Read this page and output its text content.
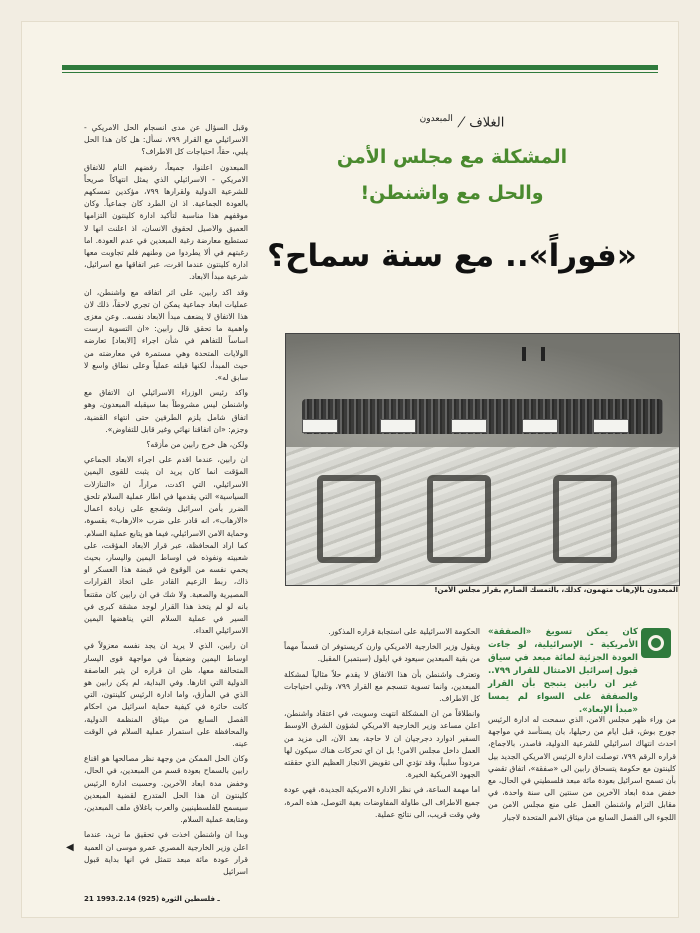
الغلاف/$^{المبعدون}$
المشكلة مع مجلس الأمن
والحل مع واشنطن!
«فوراً».. مع سنة سماح؟

وقبل السؤال عن مدى انسجام الحل الامريكي - الاسرائيلي مع القرار ٧٩٩، نسأل: هل كان هذا الحل يلبي، حقاً، احتياجات كل الاطراف؟

المبعدون اعلنوا، جميعاً، رفضهم التام للاتفاق الامريكي - الاسرائيلي الذي يمثل انتهاكاً صريحاً للشرعية الدولية ولقرارها ٧٩٩، مؤكدين تمسكهم بالعودة الجماعية. اذ ان الطرد كان جماعياً. وكان موقفهم هذا مناسبة لتأكيد ادارة كلينتون التزامها العميق والاصيل لحقوق الانسان، اذ اعلنت انها لا تستطيع معارضة رغبة المبعدين في عدم العودة. اما رغبتهم في ألا يطردوا من وطنهم فلم تجاوبت معها ادارة كلينتون عندما اقرت، عبر اتفاقها مع اسرائيل، شرعية مبدأ الابعاد.

وقد اكد رابين، على اثر اتفاقه مع واشنطن، ان عمليات ابعاد جماعية يمكن ان تجري لاحقاً، ذلك لان هذا الاتفاق لا يضعف مبدأ الابعاد نفسه.. وعن مغزى واهمية ما تحقق قال رابين: «ان التسوية ارست اساساً للتفاهم في شأن اجراء [الابعاد] تعارضه الولايات المتحدة وهي مستمرة في معارضته من حيث المبدأ، لكنها قبلته عملياً وعلى نطاق واسع لا سابق له».

واكد رئيس الوزراء الاسرائيلي ان الاتفاق مع واشنطن ليس مشروطاً بما سيقبله المبعدون، وهو اتفاق شامل يلزم الطرفين حتى انتهاء القضية، وجزم: «ان اتفاقنا نهائي وغير قابل للتفاوض».

ولكن، هل خرج رابين من مأزقه؟

ان رابين، عندما اقدم على اجراء الابعاد الجماعي المؤقت انما كان يريد ان يثبت للقوى اليمين الاسرائيلي، التي اكدت، مراراً، ان «التنازلات السياسية» التي يقدمها في اطار عملية السلام تلحق الضرر بأمن اسرائيل وتشجع على زيادة اعمال «الارهاب»، انه قادر على ضرب «الارهاب» بقسوة، وحماية الامن الاسرائيلي، فيما هو يتابع عملية السلام. كما اراد المحافظة، عبر قرار الابعاد المؤقت، على شعبيته ونفوذه في اوساط اليمين واليسار، بحيث يحمي نفسه من الوقوع في قبضة هذا العسكر او ذاك، ربط الزعيم القادر على اتخاذ القرارات المصيرية والصعبة. ولا شك في ان رابين كان مقتنعاً بانه لو لم يتخذ هذا القرار لوجد مشقة كبرى في السير في عملية السلام التي يناهضها اليمين الاسرائيلي العداء.

ان رابين، الذي لا يريد ان يجد نفسه معزولاً في اوساط اليمين وضعيفاً في مواجهة قوى اليسار المتحالفة معها، ظن ان قراره لن يثير العاصفة الدولية التي اثارها. وفي البداية، لم يكن رابين هو الذي في المأزق، واما ادارة الرئيس كلينتون، التي كانت حائرة في كيفية حماية اسرائيل من احكام الفصل السابع من ميثاق المنظمة الدولية، والمحافظة على استمرار عملية السلام في الوقت عينه.

وكان الحل الممكن من وجهة نظر مصالحها هو اقناع رابين بالسماح بعودة قسم من المبعدين، في الحال، وخفض مدة ابعاد الآخرين. وحسبت ادارة الرئيس كلينتون ان هذا الحل المتدرج لقضية المبعدين سيسمح للفلسطينيين والعرب باغلاق ملف المبعدين، ومتابعة عملية السلام.

وبدا ان واشنطن اخذت في تحقيق ما تريد، عندما اعلن وزير الخارجية المصري عمرو موسى ان العمية قرار عودة مائة مبعد تتمثل في انها بداية قبول اسرائيل

المبعدون بالإرهاب متهمون، كذلك، بالتمسك الصارم بقرار مجلس الأمن!
كان يمكن تسويغ «الصفقة» الأمريكية - الإسرائيلية، لو جاءت العودة الجزئية لمائة مبعد في سياق قبول إسرائيل الامتثال للقرار ٧٩٩.. غير ان رابين يتبجح بأن القرار والصفقة على السواء لم يمسا «مبدأ الإبعاد».

الحكومة الاسرائيلية على استجابة قراره المذكور.

ويقول وزير الخارجية الامريكي وارن كريستوفر ان قسماً مهماً من بقية المبعدين سيعود في ايلول (سبتمبر) المقبل.

وتعترف واشنطن بأن هذا الاتفاق لا يقدم حلاً مثالياً لمشكلة المبعدين، وانما تسوية تنسجم مع القرار ٧٩٩، وتلبي احتياجات كل الاطراف.

وانطلاقاً من ان المشكلة انتهت وسويت، في اعتقاد واشنطن، اعلن مساعد وزير الخارجية الامريكي لشؤون الشرق الاوسط السفير ادوارد دجرجيان ان لا حاجة، بعد الآن، الى مزيد من العمل داخل مجلس الامن! بل ان اي تحركات هناك سيكون لها مردوداً سلبياً، وقد تؤدي الى تقويض الانجاز العظيم الذي حققته الجهود الامريكية الخيرة.

اما مهمة الساعة، في نظر الادارة الامريكية الجديدة، فهي عودة جميع الاطراف الى طاولة المفاوضات بغية التوصل، هذه المرة، وفي وقت قريب، الى نتائج عملية.

من وراء ظهر مجلس الامن، الذي سمحت له ادارة الرئيس جورج بوش، قبل ايام من رحيلها، بان يستأسد في مواجهة احدث انتهاك اسرائيلي للشرعية الدولية، فاصدر، بالاجماع، قراره الرقم ٧٩٩، توصلت ادارة الرئيس الامريكي الجديد بيل كلينتون مع حكومة يتسحاق رابين الى «صفقة»، اتفاق تقضي بأن تسمح اسرائيل بعودة مائة مبعد فلسطيني في الحال، مع خفض مدة ابعاد الآخرين من سنتين الى سنة واحدة، في مقابل التزام واشنطن العمل على منع مجلس الامن من اللجوء الى الفصل السابع من ميثاق الامم المتحدة لاجبار

◀
21 ـ فلسطين الثورة (925) 1993.2.14
